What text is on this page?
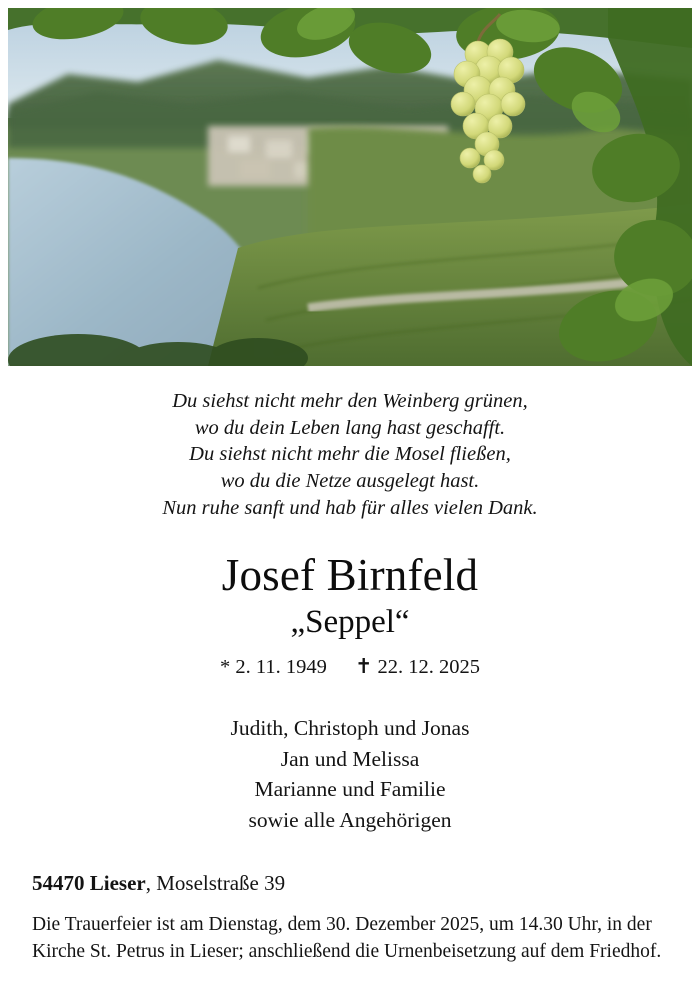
Du siehst nicht mehr den Weinberg grünen,
wo du dein Leben lang hast geschafft.
Du siehst nicht mehr die Mosel fließen,
wo du die Netze ausgelegt hast.
Nun ruhe sanft und hab für alles vielen Dank.
Josef Birnfeld
„Seppel“
* 2. 11. 1949 ✝ 22. 12. 2025
Judith, Christoph und Jonas
Jan und Melissa
Marianne und Familie
sowie alle Angehörigen
54470 Lieser, Moselstraße 39
Die Trauerfeier ist am Dienstag, dem 30. Dezember 2025, um 14.30 Uhr, in der Kirche St. Petrus in Lieser; anschließend die Urnenbeisetzung auf dem Friedhof.
